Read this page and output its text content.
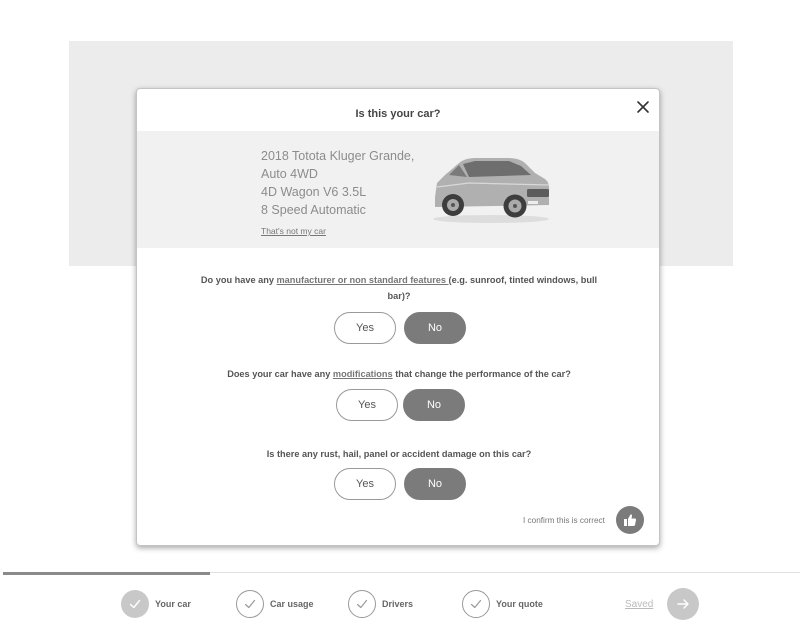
Is this your car?
2018 Totota Kluger Grande,
Auto 4WD
4D Wagon V6 3.5L
8 Speed Automatic
That's not my car
Do you have any manufacturer or non standard features (e.g. sunroof, tinted windows, bull bar)?
Yes	No
Does your car have any modifications that change the performance of the car?
Yes	No
Is there any rust, hail, panel or accident damage on this car?
Yes	No
I confirm this is correct
Your car	Car usage	Drivers	Your quote	Saved
